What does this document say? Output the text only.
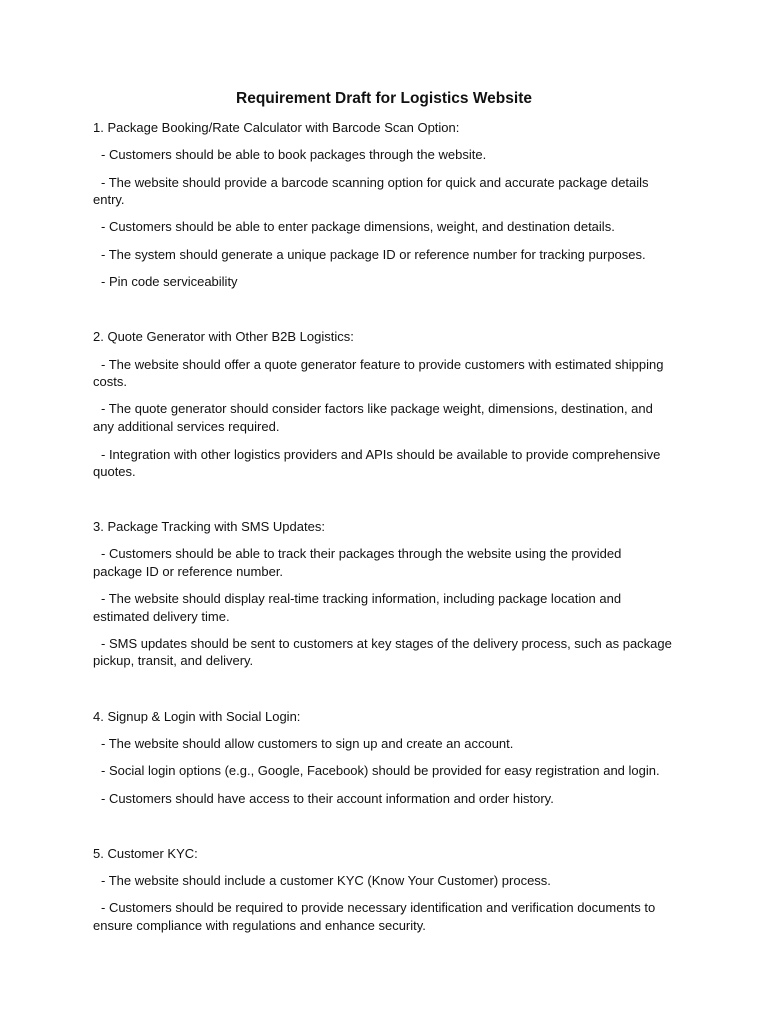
Requirement Draft for Logistics Website
1. Package Booking/Rate Calculator with Barcode Scan Option:
- Customers should be able to book packages through the website.
- The website should provide a barcode scanning option for quick and accurate package details
entry.
- Customers should be able to enter package dimensions, weight, and destination details.
- The system should generate a unique package ID or reference number for tracking purposes.
- Pin code serviceability
2. Quote Generator with Other B2B Logistics:
- The website should offer a quote generator feature to provide customers with estimated shipping
costs.
- The quote generator should consider factors like package weight, dimensions, destination, and
any additional services required.
- Integration with other logistics providers and APIs should be available to provide comprehensive
quotes.
3. Package Tracking with SMS Updates:
- Customers should be able to track their packages through the website using the provided
package ID or reference number.
- The website should display real-time tracking information, including package location and
estimated delivery time.
- SMS updates should be sent to customers at key stages of the delivery process, such as package
pickup, transit, and delivery.
4. Signup & Login with Social Login:
- The website should allow customers to sign up and create an account.
- Social login options (e.g., Google, Facebook) should be provided for easy registration and login.
- Customers should have access to their account information and order history.
5. Customer KYC:
- The website should include a customer KYC (Know Your Customer) process.
- Customers should be required to provide necessary identification and verification documents to
ensure compliance with regulations and enhance security.
